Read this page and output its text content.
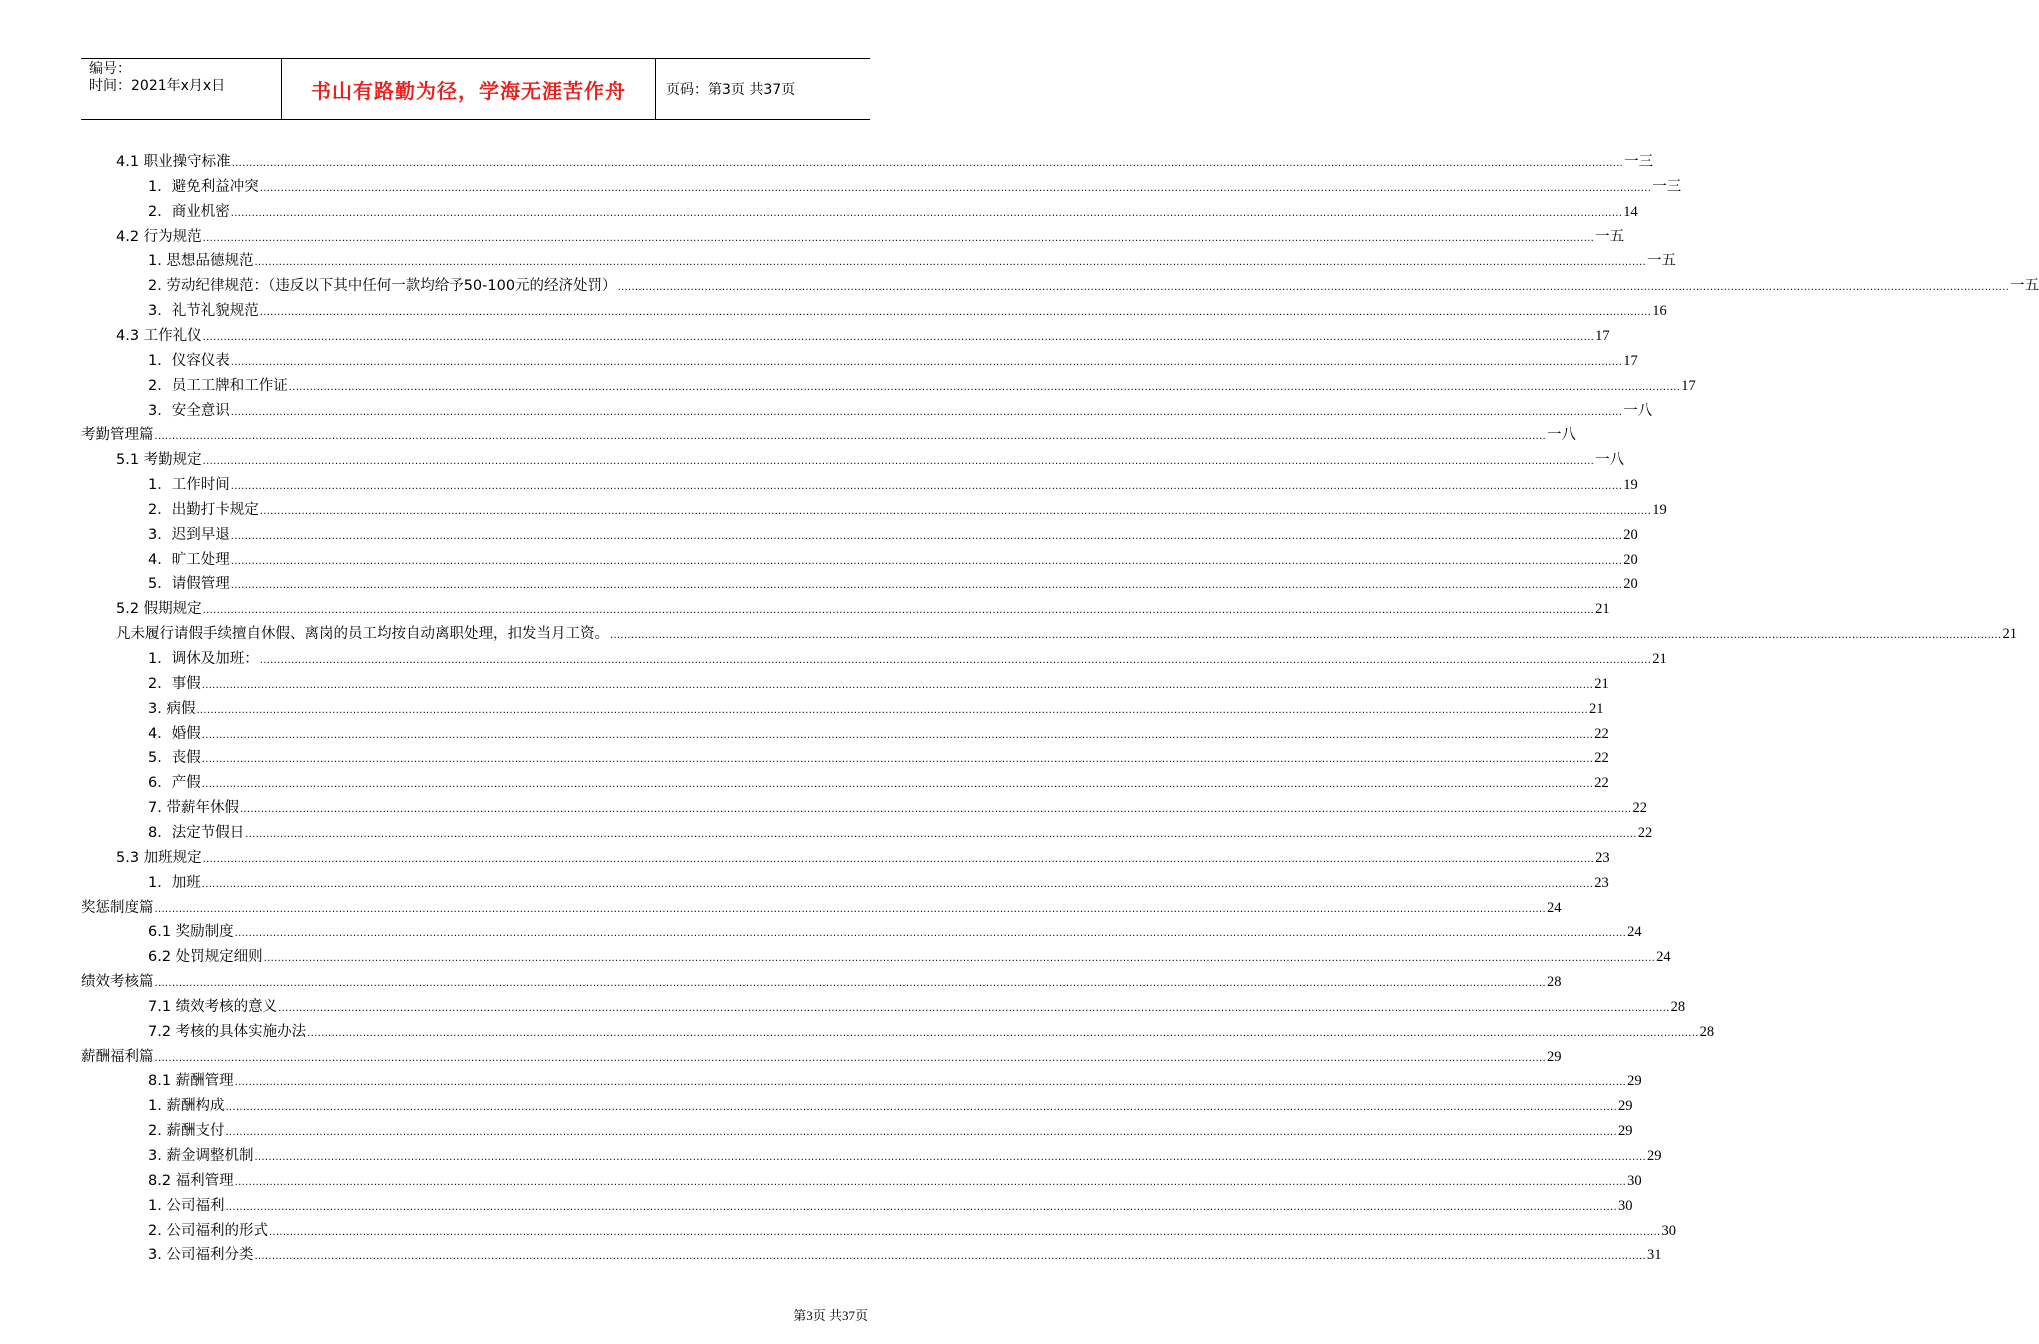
编号：
时间：2021年x月x日	书山有路勤为径，学海无涯苦作舟	页码：第3页 共37页
4.1 职业操守标准 ................................................................................................................................................................................................................................................................................................................................................................................................................ 一三
1．避免利益冲突 ................................................................................................................................................................................................................................................................................................................................................................................................................ 一三
2．商业机密 ................................................................................................................................................................................................................................................................................................................................................................................................................ 14
4.2 行为规范 ................................................................................................................................................................................................................................................................................................................................................................................................................ 一五
1. 思想品德规范 ................................................................................................................................................................................................................................................................................................................................................................................................................ 一五
2. 劳动纪律规范：（违反以下其中任何一款均给予50-100元的经济处罚） ................................................................................................................................................................................................................................................................................................................................................................................................................ 一五
3．礼节礼貌规范 ................................................................................................................................................................................................................................................................................................................................................................................................................ 16
4.3 工作礼仪 ................................................................................................................................................................................................................................................................................................................................................................................................................ 17
1．仪容仪表 ................................................................................................................................................................................................................................................................................................................................................................................................................ 17
2．员工工牌和工作证 ................................................................................................................................................................................................................................................................................................................................................................................................................ 17
3．安全意识 ................................................................................................................................................................................................................................................................................................................................................................................................................ 一八
考勤管理篇 ................................................................................................................................................................................................................................................................................................................................................................................................................ 一八
5.1 考勤规定 ................................................................................................................................................................................................................................................................................................................................................................................................................ 一八
1．工作时间 ................................................................................................................................................................................................................................................................................................................................................................................................................ 19
2．出勤打卡规定 ................................................................................................................................................................................................................................................................................................................................................................................................................ 19
3．迟到早退 ................................................................................................................................................................................................................................................................................................................................................................................................................ 20
4．旷工处理 ................................................................................................................................................................................................................................................................................................................................................................................................................ 20
5．请假管理 ................................................................................................................................................................................................................................................................................................................................................................................................................ 20
5.2 假期规定 ................................................................................................................................................................................................................................................................................................................................................................................................................ 21
凡未履行请假手续擅自休假、离岗的员工均按自动离职处理，扣发当月工资。 ................................................................................................................................................................................................................................................................................................................................................................................................................ 21
1．调休及加班： ................................................................................................................................................................................................................................................................................................................................................................................................................ 21
2．事假 ................................................................................................................................................................................................................................................................................................................................................................................................................ 21
3. 病假 ................................................................................................................................................................................................................................................................................................................................................................................................................ 21
4．婚假 ................................................................................................................................................................................................................................................................................................................................................................................................................ 22
5．丧假 ................................................................................................................................................................................................................................................................................................................................................................................................................ 22
6．产假 ................................................................................................................................................................................................................................................................................................................................................................................................................ 22
7. 带薪年休假 ................................................................................................................................................................................................................................................................................................................................................................................................................ 22
8．法定节假日 ................................................................................................................................................................................................................................................................................................................................................................................................................ 22
5.3 加班规定 ................................................................................................................................................................................................................................................................................................................................................................................................................ 23
1．加班 ................................................................................................................................................................................................................................................................................................................................................................................................................ 23
奖惩制度篇 ................................................................................................................................................................................................................................................................................................................................................................................................................ 24
6.1 奖励制度 ................................................................................................................................................................................................................................................................................................................................................................................................................ 24
6.2 处罚规定细则 ................................................................................................................................................................................................................................................................................................................................................................................................................ 24
绩效考核篇 ................................................................................................................................................................................................................................................................................................................................................................................................................ 28
7.1 绩效考核的意义 ................................................................................................................................................................................................................................................................................................................................................................................................................ 28
7.2 考核的具体实施办法 ................................................................................................................................................................................................................................................................................................................................................................................................................ 28
薪酬福利篇 ................................................................................................................................................................................................................................................................................................................................................................................................................ 29
8.1 薪酬管理 ................................................................................................................................................................................................................................................................................................................................................................................................................ 29
1. 薪酬构成 ................................................................................................................................................................................................................................................................................................................................................................................................................ 29
2. 薪酬支付 ................................................................................................................................................................................................................................................................................................................................................................................................................ 29
3. 薪金调整机制 ................................................................................................................................................................................................................................................................................................................................................................................................................ 29
8.2 福利管理 ................................................................................................................................................................................................................................................................................................................................................................................................................ 30
1. 公司福利 ................................................................................................................................................................................................................................................................................................................................................................................................................ 30
2. 公司福利的形式 ................................................................................................................................................................................................................................................................................................................................................................................................................ 30
3. 公司福利分类 ................................................................................................................................................................................................................................................................................................................................................................................................................ 31
第3页 共37页
